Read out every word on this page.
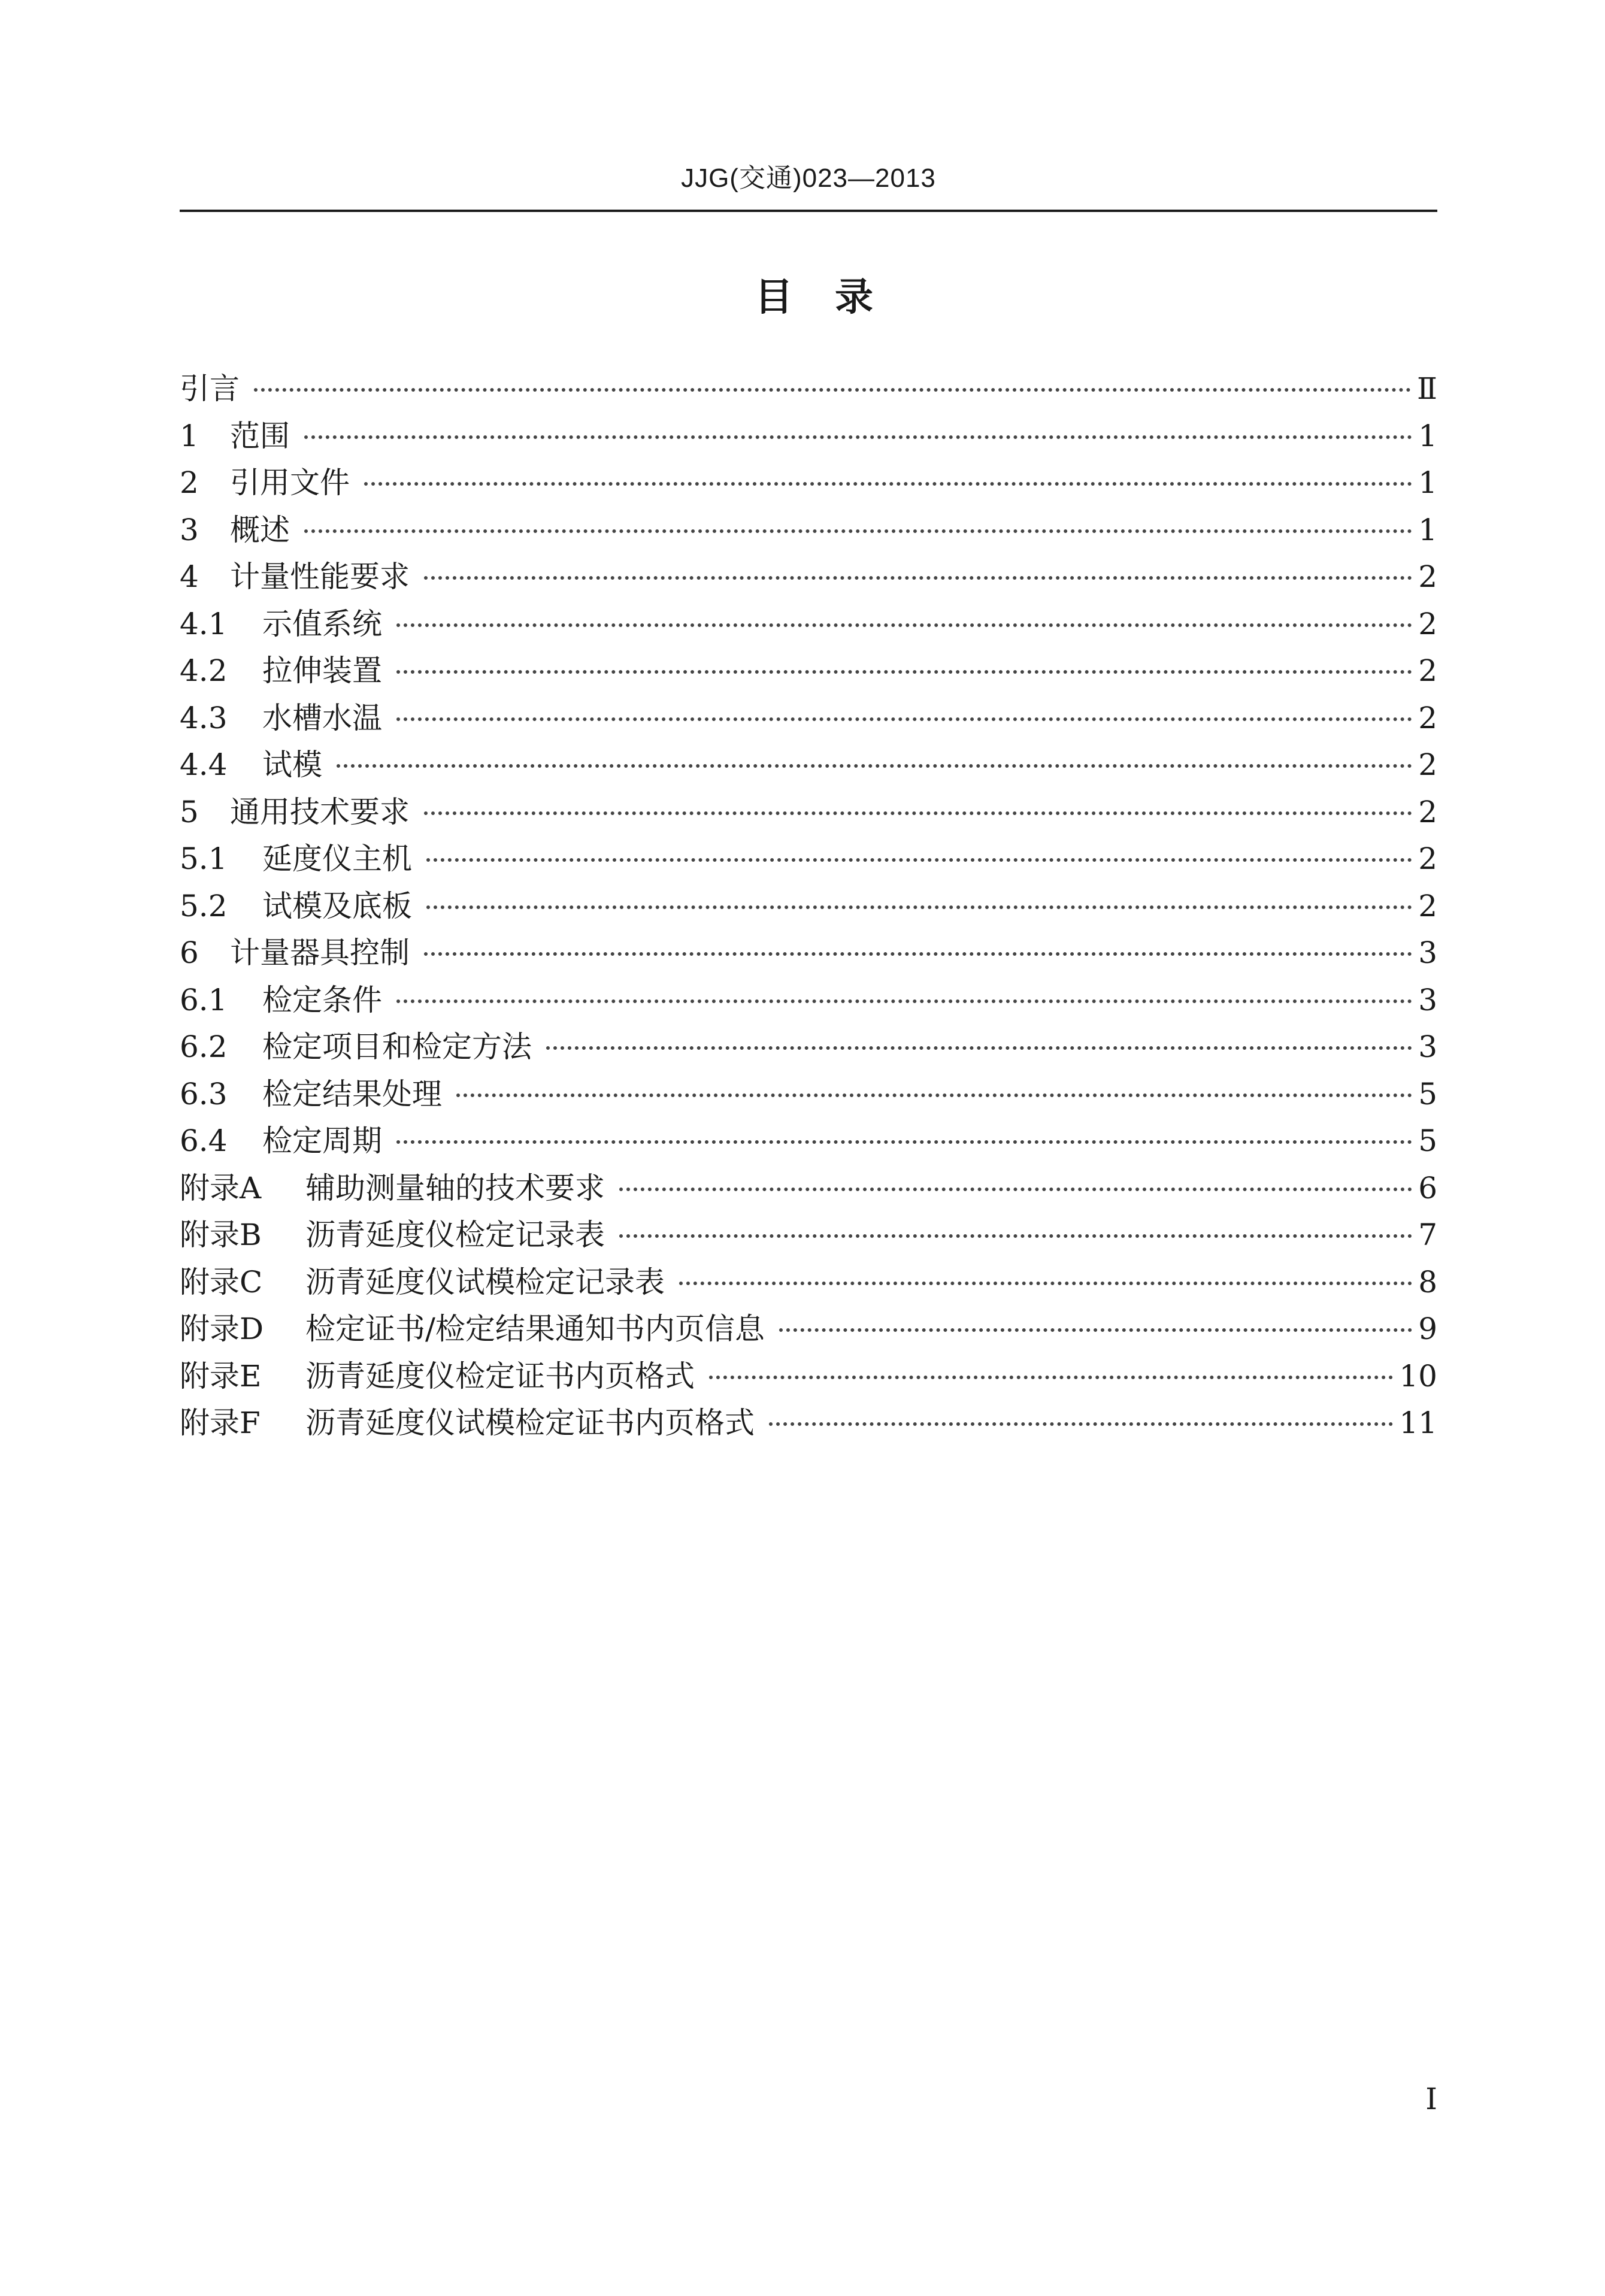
JJG(交通)023—2013
目录
引言	Ⅱ
1	范围	1
2	引用文件	1
3	概述	1
4	计量性能要求	2
4.1	示值系统	2
4.2	拉伸装置	2
4.3	水槽水温	2
4.4	试模	2
5	通用技术要求	2
5.1	延度仪主机	2
5.2	试模及底板	2
6	计量器具控制	3
6.1	检定条件	3
6.2	检定项目和检定方法	3
6.3	检定结果处理	5
6.4	检定周期	5
附录A	辅助测量轴的技术要求	6
附录B	沥青延度仪检定记录表	7
附录C	沥青延度仪试模检定记录表	8
附录D	检定证书/检定结果通知书内页信息	9
附录E	沥青延度仪检定证书内页格式	10
附录F	沥青延度仪试模检定证书内页格式	11
I
